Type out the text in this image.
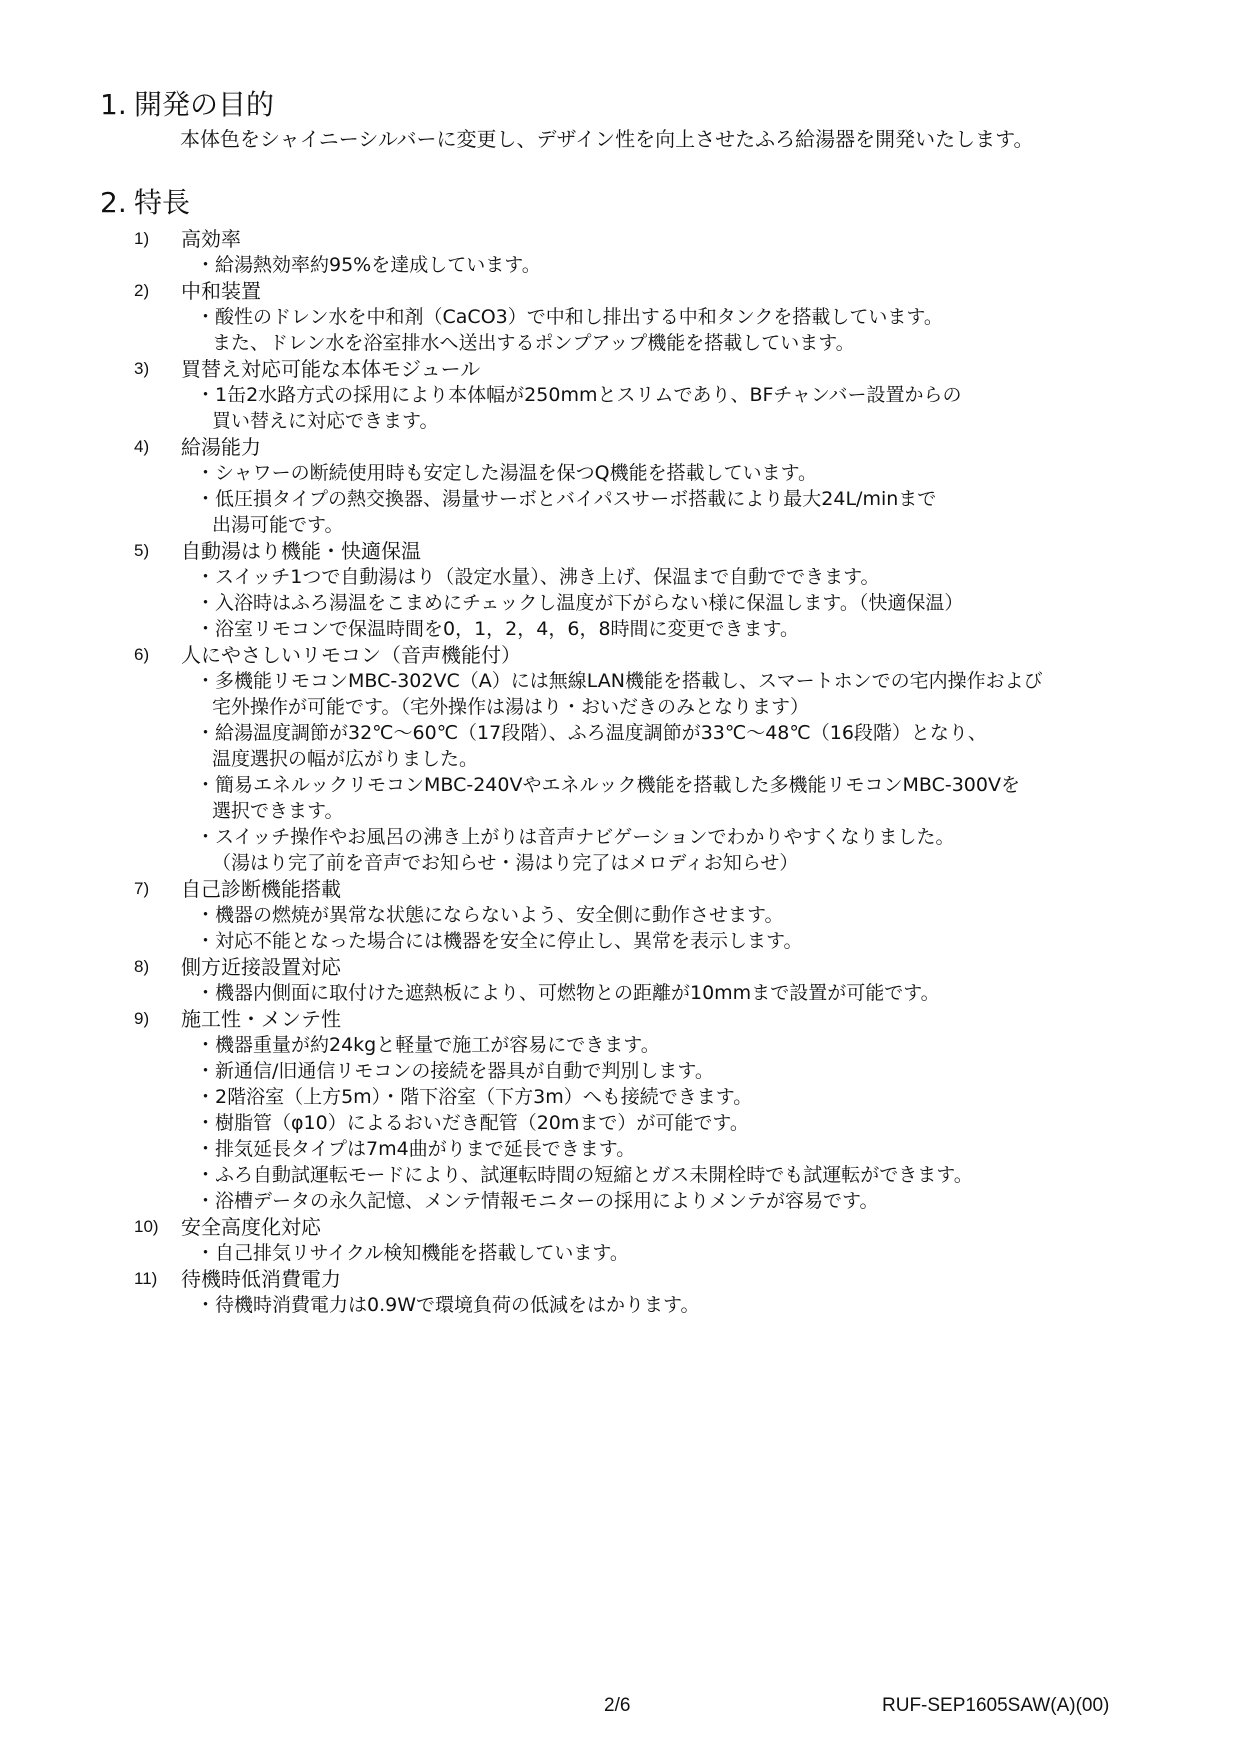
1. 開発の目的
本体色をシャイニーシルバーに変更し、デザイン性を向上させたふろ給湯器を開発いたします。
2. 特長
1) 高効率
・給湯熱効率約95%を達成しています。
2) 中和装置
・酸性のドレン水を中和剤（CaCO3）で中和し排出する中和タンクを搭載しています。
また、ドレン水を浴室排水へ送出するポンプアップ機能を搭載しています。
3) 買替え対応可能な本体モジュール
・1缶2水路方式の採用により本体幅が250mmとスリムであり、BFチャンバー設置からの
買い替えに対応できます。
4) 給湯能力
・シャワーの断続使用時も安定した湯温を保つQ機能を搭載しています。
・低圧損タイプの熱交換器、湯量サーボとバイパスサーボ搭載により最大24L/minまで
出湯可能です。
5) 自動湯はり機能・快適保温
・スイッチ1つで自動湯はり（設定水量）、沸き上げ、保温まで自動でできます。
・入浴時はふろ湯温をこまめにチェックし温度が下がらない様に保温します。（快適保温）
・浴室リモコンで保温時間を0，1，2，4，6，8時間に変更できます。
6) 人にやさしいリモコン（音声機能付）
・多機能リモコンMBC-302VC（A）には無線LAN機能を搭載し、スマートホンでの宅内操作および
宅外操作が可能です。（宅外操作は湯はり・おいだきのみとなります）
・給湯温度調節が32℃～60℃（17段階）、ふろ温度調節が33℃～48℃（16段階）となり、
温度選択の幅が広がりました。
・簡易エネルックリモコンMBC-240Vやエネルック機能を搭載した多機能リモコンMBC-300Vを
選択できます。
・スイッチ操作やお風呂の沸き上がりは音声ナビゲーションでわかりやすくなりました。
（湯はり完了前を音声でお知らせ・湯はり完了はメロディお知らせ）
7) 自己診断機能搭載
・機器の燃焼が異常な状態にならないよう、安全側に動作させます。
・対応不能となった場合には機器を安全に停止し、異常を表示します。
8) 側方近接設置対応
・機器内側面に取付けた遮熱板により、可燃物との距離が10mmまで設置が可能です。
9) 施工性・メンテ性
・機器重量が約24kgと軽量で施工が容易にできます。
・新通信/旧通信リモコンの接続を器具が自動で判別します。
・2階浴室（上方5m）・階下浴室（下方3m）へも接続できます。
・樹脂管（φ10）によるおいだき配管（20mまで）が可能です。
・排気延長タイプは7m4曲がりまで延長できます。
・ふろ自動試運転モードにより、試運転時間の短縮とガス未開栓時でも試運転ができます。
・浴槽データの永久記憶、メンテ情報モニターの採用によりメンテが容易です。
10) 安全高度化対応
・自己排気リサイクル検知機能を搭載しています。
11) 待機時低消費電力
・待機時消費電力は0.9Wで環境負荷の低減をはかります。
2/6	RUF-SEP1605SAW(A)(00)
